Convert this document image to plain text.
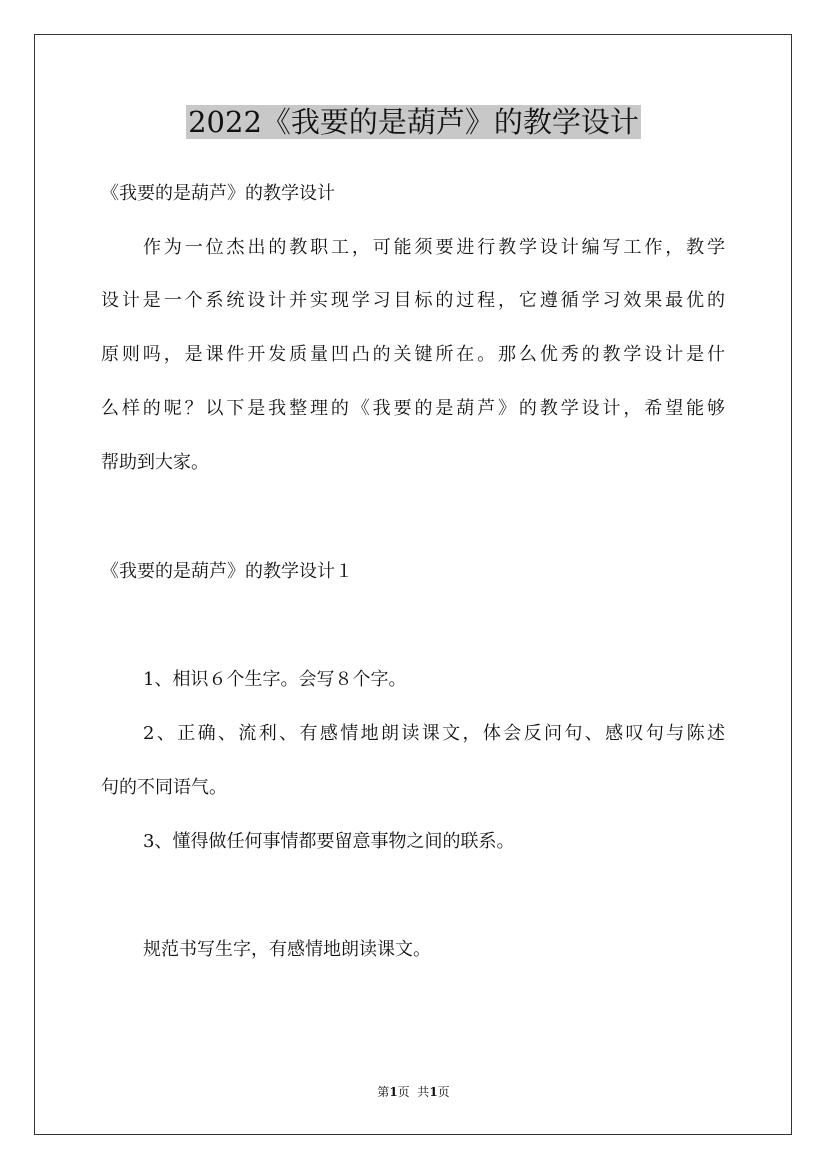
2022《我要的是葫芦》的教学设计
《我要的是葫芦》的教学设计
作为一位杰出的教职工，可能须要进行教学设计编写工作，教学
设计是一个系统设计并实现学习目标的过程，它遵循学习效果最优的
原则吗，是课件开发质量凹凸的关键所在。那么优秀的教学设计是什
么样的呢？以下是我整理的《我要的是葫芦》的教学设计，希望能够
帮助到大家。
《我要的是葫芦》的教学设计１
1、相识６个生字。会写８个字。
2、正确、流利、有感情地朗读课文，体会反问句、感叹句与陈述
句的不同语气。
3、懂得做任何事情都要留意事物之间的联系。
规范书写生字，有感情地朗读课文。
第1页  共1页
